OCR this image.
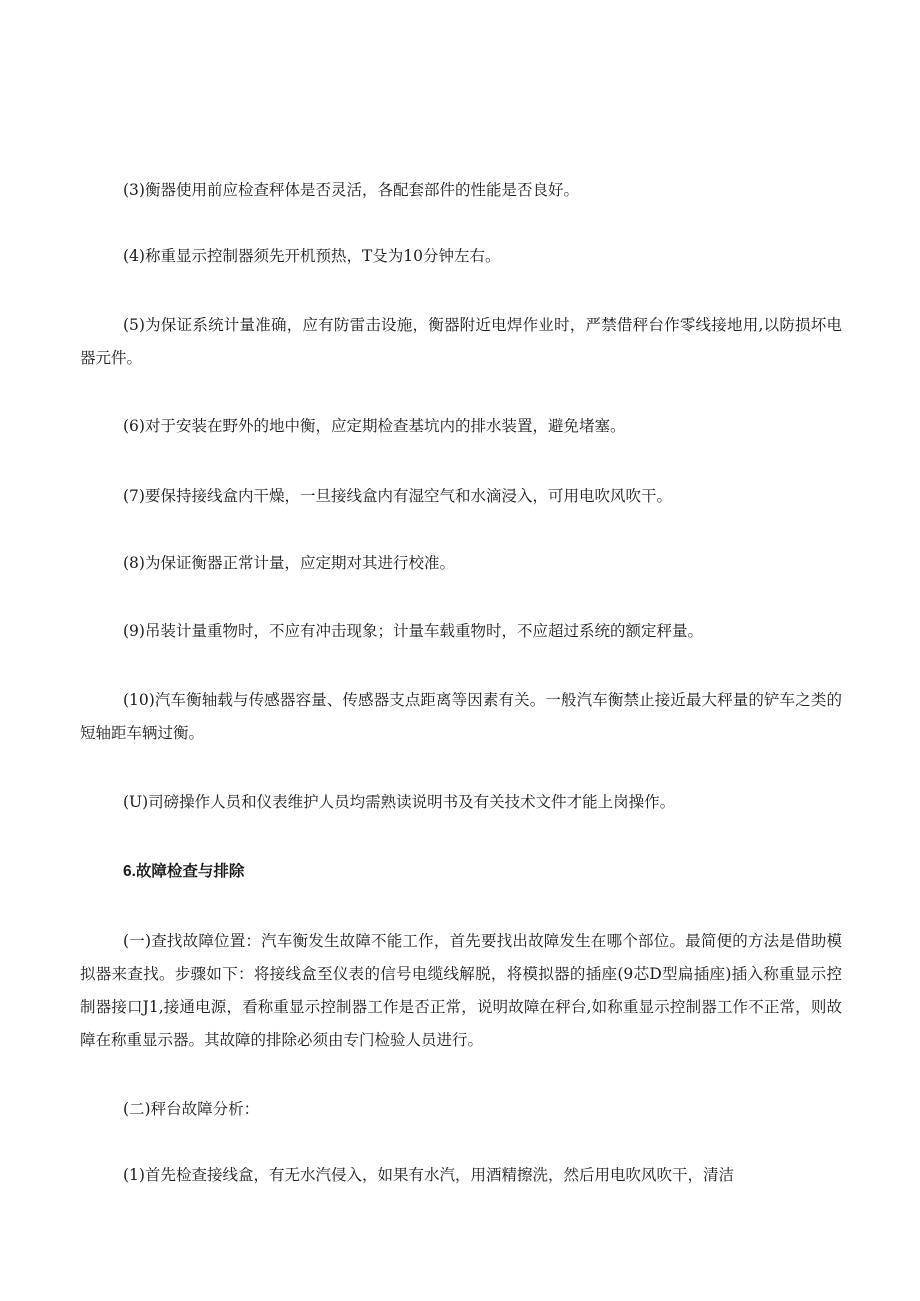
(3)衡器使用前应检查秤体是否灵活，各配套部件的性能是否良好。

(4)称重显示控制器须先开机预热，T殳为10分钟左右。

(5)为保证系统计量准确，应有防雷击设施，衡器附近电焊作业时，严禁借秤台作零线接地用,以防损坏电器元件。

(6)对于安装在野外的地中衡，应定期检查基坑内的排水装置，避免堵塞。

(7)要保持接线盒内干燥，一旦接线盒内有湿空气和水滴浸入，可用电吹风吹干。

(8)为保证衡器正常计量，应定期对其进行校准。

(9)吊装计量重物时，不应有冲击现象；计量车载重物时，不应超过系统的额定秤量。

(10)汽车衡轴载与传感器容量、传感器支点距离等因素有关。一般汽车衡禁止接近最大秤量的铲车之类的短轴距车辆过衡。

(U)司磅操作人员和仪表维护人员均需熟读说明书及有关技术文件才能上岗操作。

6.故障检查与排除

(一)查找故障位置：汽车衡发生故障不能工作，首先要找出故障发生在哪个部位。最简便的方法是借助模拟器来查找。步骤如下：将接线盒至仪表的信号电缆线解脱，将模拟器的插座(9芯D型扁插座)插入称重显示控制器接口J1,接通电源，看称重显示控制器工作是否正常，说明故障在秤台,如称重显示控制器工作不正常，则故障在称重显示器。其故障的排除必须由专门检验人员进行。

(二)秤台故障分析：

(1)首先检查接线盒，有无水汽侵入，如果有水汽，用酒精擦洗，然后用电吹风吹干，清洁
